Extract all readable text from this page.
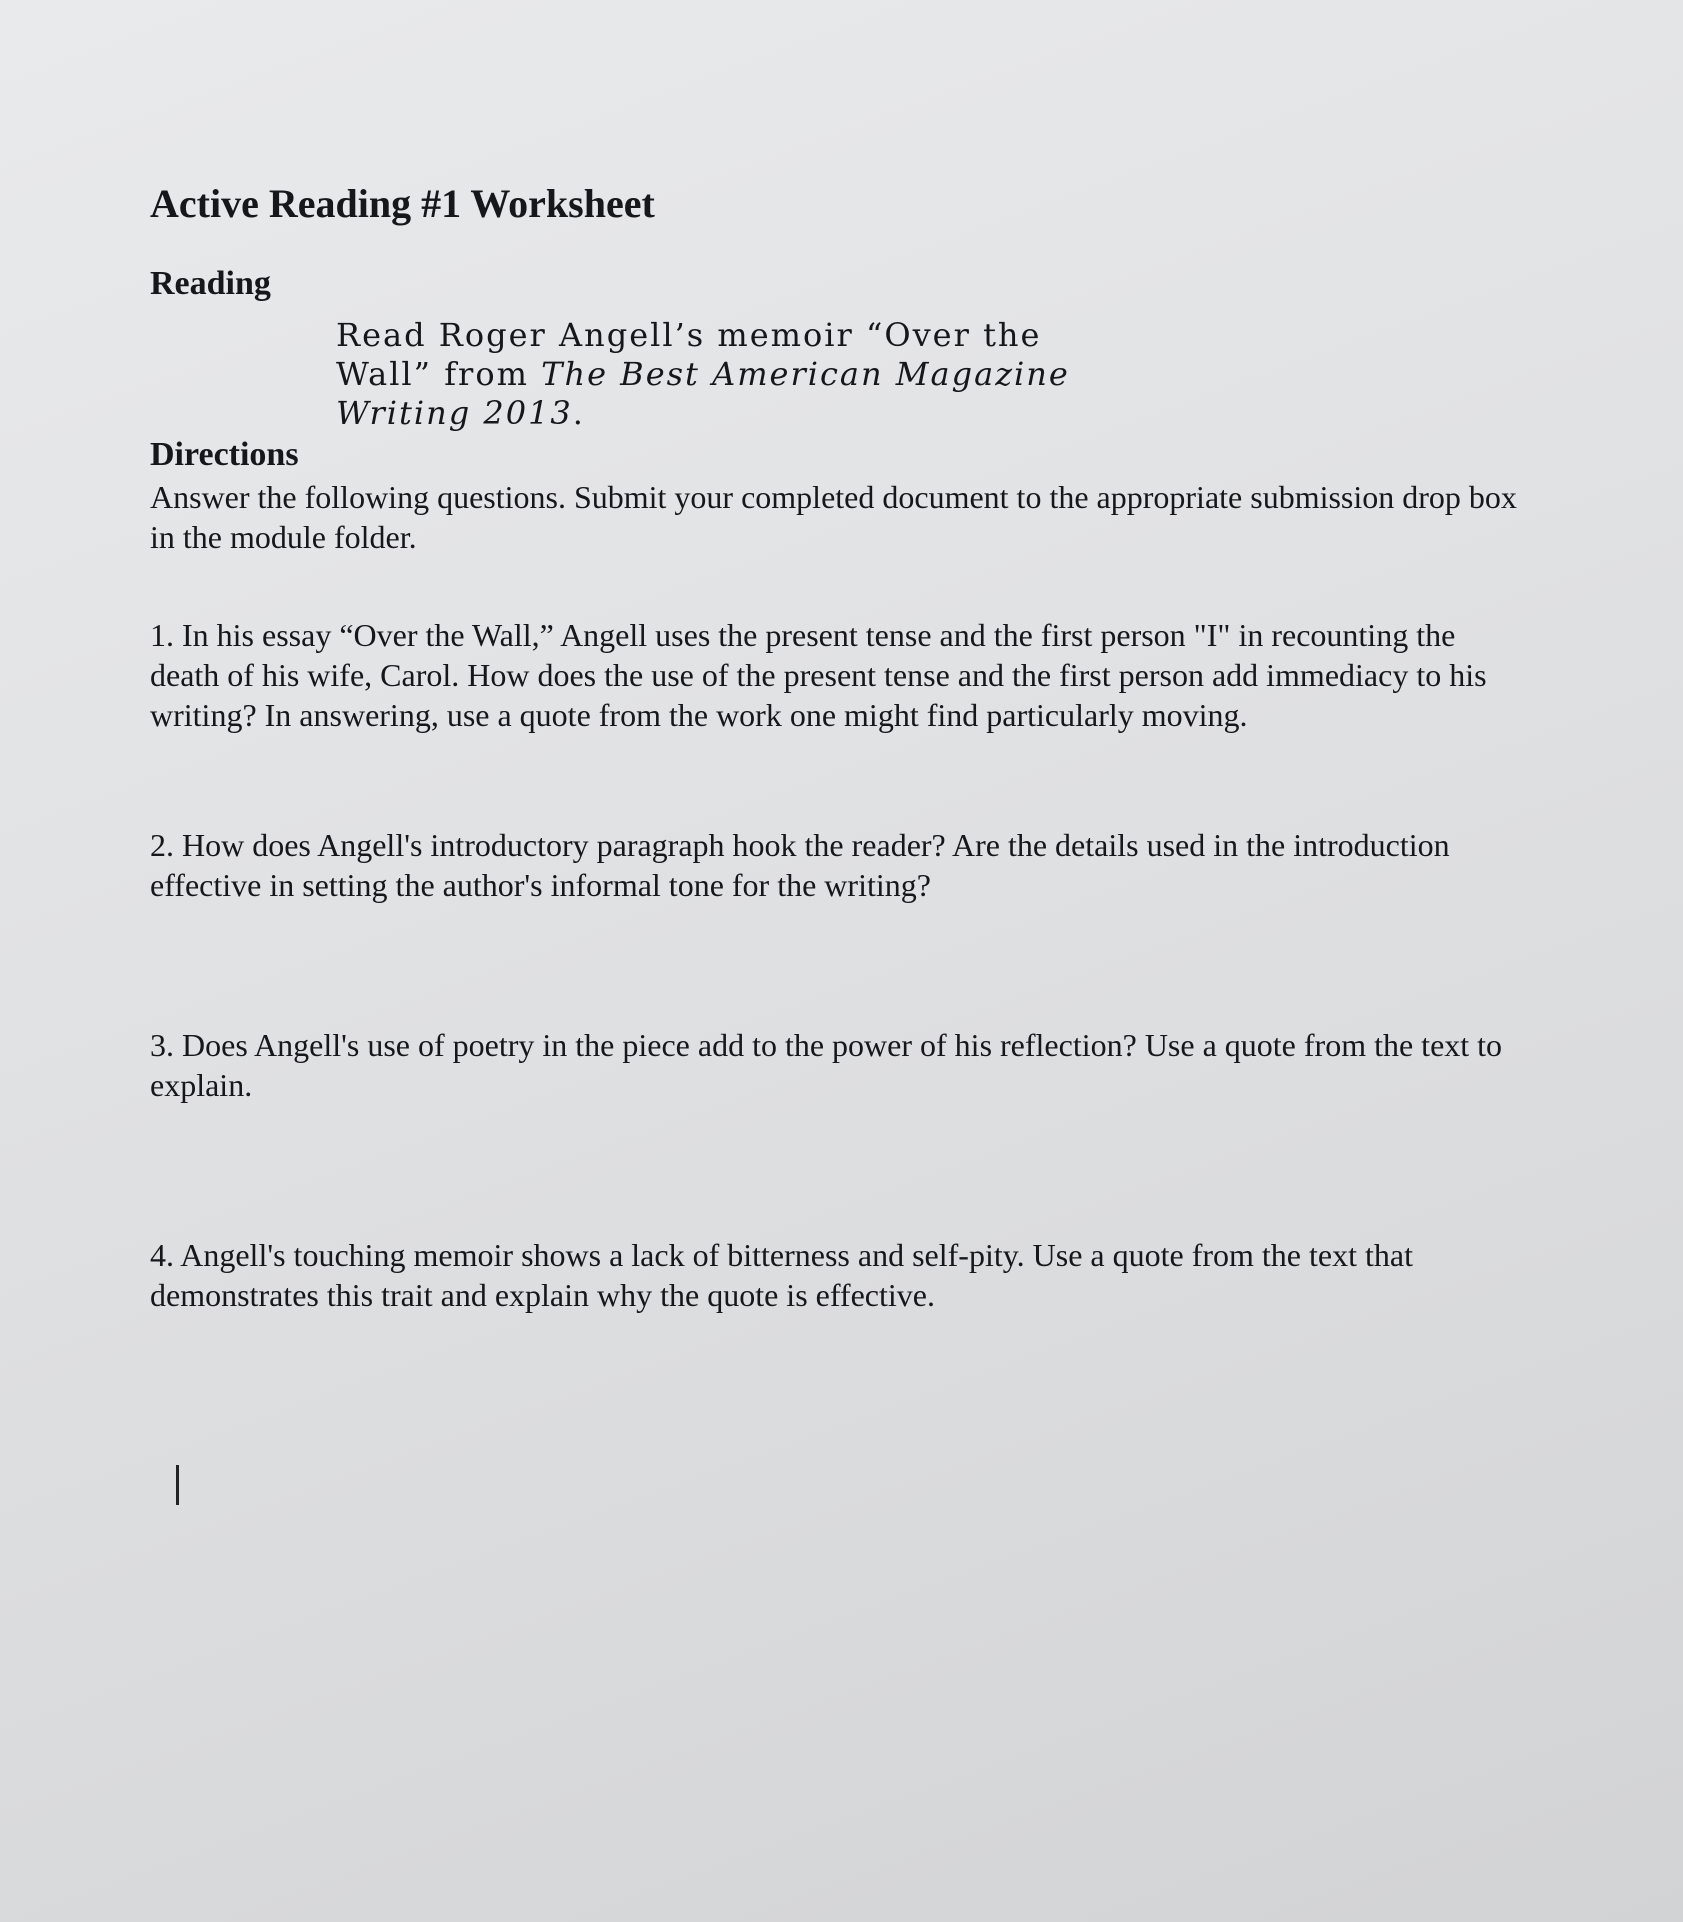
Active Reading #1 Worksheet
Reading
Read Roger Angell’s memoir “Over the Wall” from The Best American Magazine Writing 2013.
Directions

Answer the following questions. Submit your completed document to the appropriate submission drop box in the module folder.

1. In his essay “Over the Wall,” Angell uses the present tense and the first person "I" in recounting the death of his wife, Carol. How does the use of the present tense and the first person add immediacy to his writing? In answering, use a quote from the work one might find particularly moving.

2. How does Angell's introductory paragraph hook the reader? Are the details used in the introduction effective in setting the author's informal tone for the writing?

3. Does Angell's use of poetry in the piece add to the power of his reflection? Use a quote from the text to explain.

4. Angell's touching memoir shows a lack of bitterness and self-pity. Use a quote from the text that demonstrates this trait and explain why the quote is effective.
